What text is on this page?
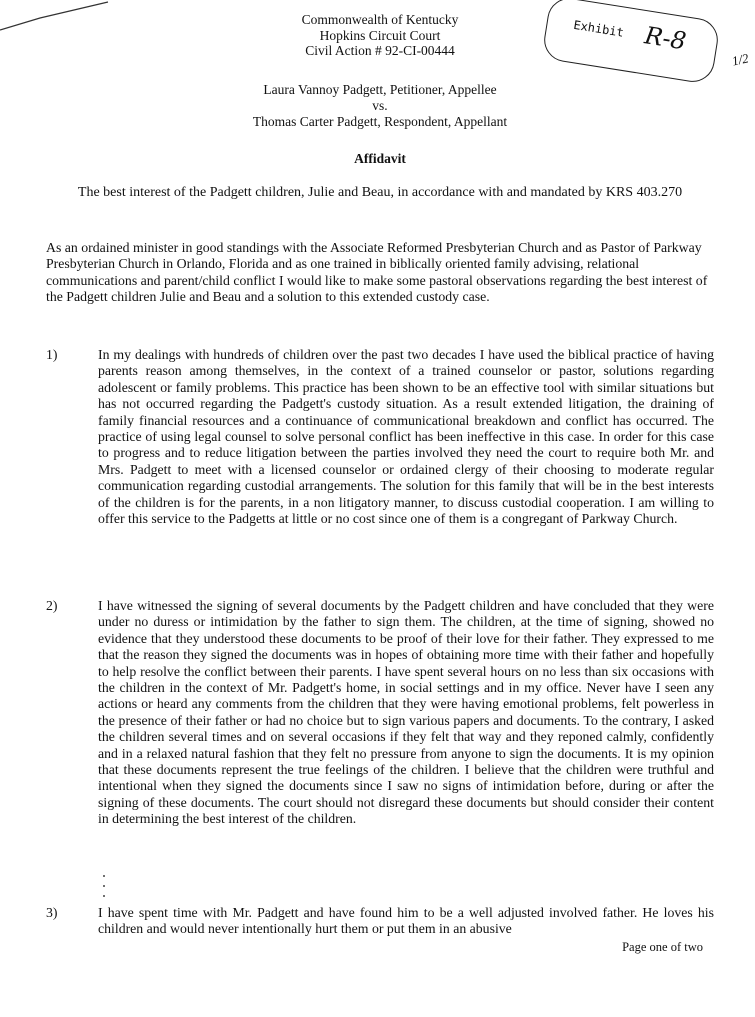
Commonwealth of Kentucky
Hopkins Circuit Court
Civil Action # 92-CI-00444
Exhibit R-8
1/2
Laura Vannoy Padgett, Petitioner, Appellee
vs.
Thomas Carter Padgett, Respondent, Appellant
Affidavit
The best interest of the Padgett children, Julie and Beau, in accordance with and mandated by KRS 403.270
As an ordained minister in good standings with the Associate Reformed Presbyterian Church and as Pastor of Parkway Presbyterian Church in Orlando, Florida and as one trained in biblically oriented family advising, relational communications and parent/child conflict I would like to make some pastoral observations regarding the best interest of the Padgett children Julie and Beau and a solution to this extended custody case.
1)	In my dealings with hundreds of children over the past two decades I have used the biblical practice of having parents reason among themselves, in the context of a trained counselor or pastor, solutions regarding adolescent or family problems. This practice has been shown to be an effective tool with similar situations but has not occurred regarding the Padgett's custody situation. As a result extended litigation, the draining of family financial resources and a continuance of communicational breakdown and conflict has occurred. The practice of using legal counsel to solve personal conflict has been ineffective in this case. In order for this case to progress and to reduce litigation between the parties involved they need the court to require both Mr. and Mrs. Padgett to meet with a licensed counselor or ordained clergy of their choosing to moderate regular communication regarding custodial arrangements. The solution for this family that will be in the best interests of the children is for the parents, in a non litigatory manner, to discuss custodial cooperation. I am willing to offer this service to the Padgetts at little or no cost since one of them is a congregant of Parkway Church.
2)	I have witnessed the signing of several documents by the Padgett children and have concluded that they were under no duress or intimidation by the father to sign them. The children, at the time of signing, showed no evidence that they understood these documents to be proof of their love for their father. They expressed to me that the reason they signed the documents was in hopes of obtaining more time with their father and hopefully to help resolve the conflict between their parents. I have spent several hours on no less than six occasions with the children in the context of Mr. Padgett's home, in social settings and in my office. Never have I seen any actions or heard any comments from the children that they were having emotional problems, felt powerless in the presence of their father or had no choice but to sign various papers and documents. To the contrary, I asked the children several times and on several occasions if they felt that way and they reponed calmly, confidently and in a relaxed natural fashion that they felt no pressure from anyone to sign the documents. It is my opinion that these documents represent the true feelings of the children. I believe that the children were truthful and intentional when they signed the documents since I saw no signs of intimidation before, during or after the signing of these documents. The court should not disregard these documents but should consider their content in determining the best interest of the children.
3)	I have spent time with Mr. Padgett and have found him to be a well adjusted involved father. He loves his children and would never intentionally hurt them or put them in an abusive
Page one of two
